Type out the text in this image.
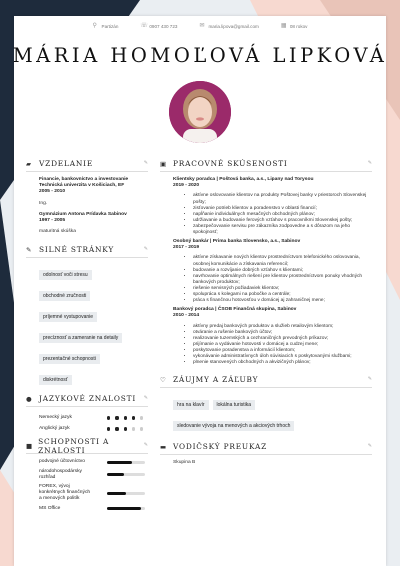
⚲ Partizán	☏ 0907 430 723	✉ maria.lipova@gmail.com	▦ 08 rokov
MÁRIA HOMOĽOVÁ LIPKOVÁ
▰ VZDELANIE	✎
Financie, bankovníctvo a investovanie Technická univerzita v Košiciach, EF
2005 - 2010
Ing.
Gymnázium Antona Prídavka Sabinov
1997 - 2005
maturitná skúška
✎ SILNÉ STRÁNKY	✎
odolnosť voči stresu
obchodné zručnosti
príjemné vystupovanie
precíznosť a zameranie na detaily
prezentačné schopnosti
diskrétnosť
● JAZYKOVÉ ZNALOSTI ✎
Nemecký jazyk
Anglický jazyk
■ SCHOPNOSTI A ZNALOSTI
✎
podvojné účtovníctvo
národohospodársky rozhľad
FOREX, vývoj konkrétnych finančných a menových politík
MS Office
▣ PRACOVNÉ SKÚSENOSTI	✎
Klientsky poradca | Poštová banka, a.s., Lipany nad Torysou
2019 - 2020
• aktívne oslovovanie klientov na produkty Poštovej banky v priestoroch Slovenskej pošty;
• zisťovanie potrieb klientov a poradenstvo v oblasti financií;
• napĺňanie individuálnych mesačných obchodných plánov;
• udržiavanie a budovanie ferových vzťahov s pracovníkmi Slovenskej pošty;
• zabezpečovvanie servisu pre zákazníka zodpovedne a s dôrazom na jeho spokojnosť;
Osobný bankár | Prima banka Slovensko, a.s., Sabinov
2017 - 2019
• aktívne získavanie nových klientov prostredníctvom telefonického oslovovania, osobnej komunikácie a získavania referencií;
• budovanie a rozvíjanie dobrých vzťahov s klientami;
• navrhovanie optimálnych riešení pre klientov prostredníctvom ponuky vhodných bankových produktov;
• riešenie servisných požiadaviek klientov;
• spolupráca s kolegami na pobočke a centrále;
• práca s finančnou hotovosťou v domácej aj zahraničnej mene;
Bankový poradca | ČSOB Finančná skupina, Sabinov
2010 - 2014
• aktívny predaj bankových produktov a služieb retailovým klientom;
• otváranie a rušenie bankových účtov;
• realizovanie tuzemských a cezhraničných prevodných príkazov;
• prijímanie a vydávanie hotovosti v domácej a cudzej mene;
• poskytovanie poradenstva a informácií klientom;
• vykonávanie administratívnych úloh súvisiacich s poskytovanými službami;
• plnenie stanovených obchodných a akvizičných plánov;
♡ ZÁUJMY A ZÁĽUBY	✎
hra na klavír lokálna turistika
sledovanie vývoja na menových a akciových trhoch
▬ VODIČSKÝ PREUKAZ	✎
Skupina B
